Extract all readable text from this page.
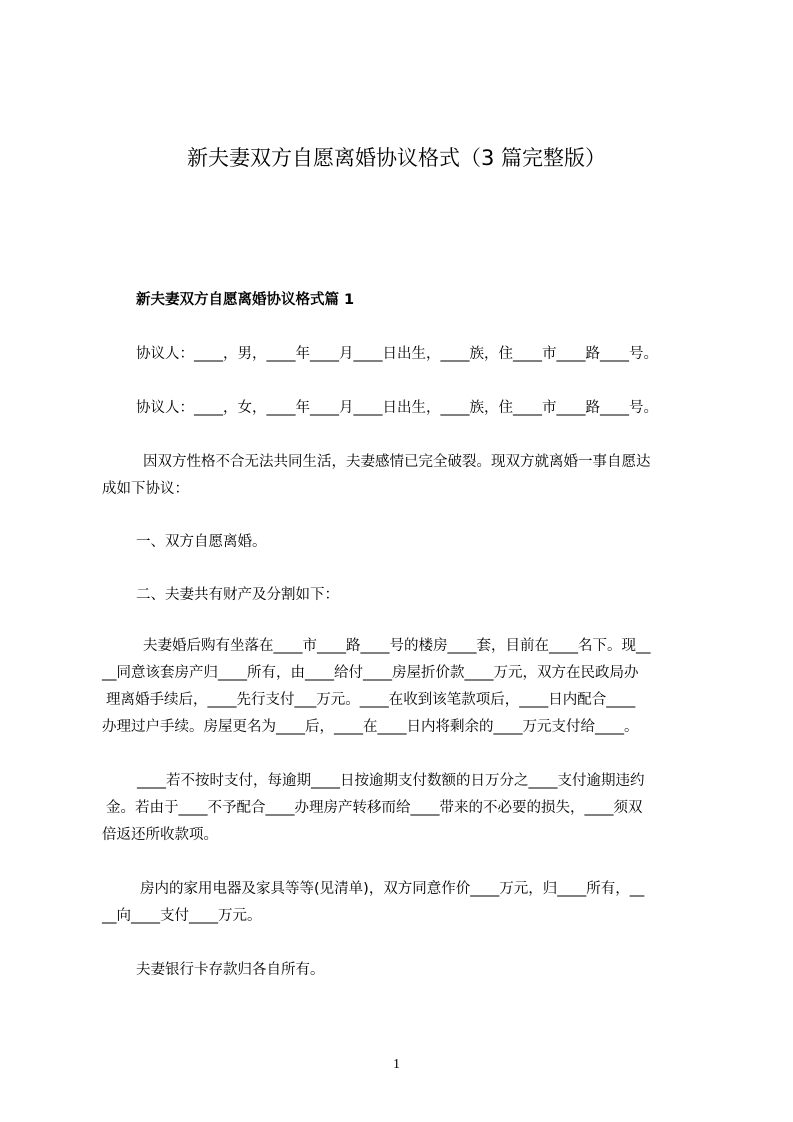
新夫妻双方自愿离婚协议格式（3 篇完整版）
新夫妻双方自愿离婚协议格式篇 1

协议人：____，男，____年____月____日出生，____族，住____市____路____号。

协议人：____，女，____年____月____日出生，____族，住____市____路____号。

因双方性格不合无法共同生活，夫妻感情已完全破裂。现双方就离婚一事自愿达

成如下协议：

一、双方自愿离婚。

二、夫妻共有财产及分割如下：

夫妻婚后购有坐落在____市____路____号的楼房____套，目前在____名下。现__

__同意该套房产归____所有，由____给付____房屋折价款____万元，双方在民政局办

理离婚手续后，____先行支付___万元。____在收到该笔款项后，____日内配合____

办理过户手续。房屋更名为____后，____在____日内将剩余的____万元支付给____。

____若不按时支付，每逾期____日按逾期支付数额的日万分之____支付逾期违约

金。若由于____不予配合____办理房产转移而给____带来的不必要的损失，____须双

倍返还所收款项。

房内的家用电器及家具等等(见清单)，双方同意作价____万元，归____所有，__

__向____支付____万元。

夫妻银行卡存款归各自所有。

1
